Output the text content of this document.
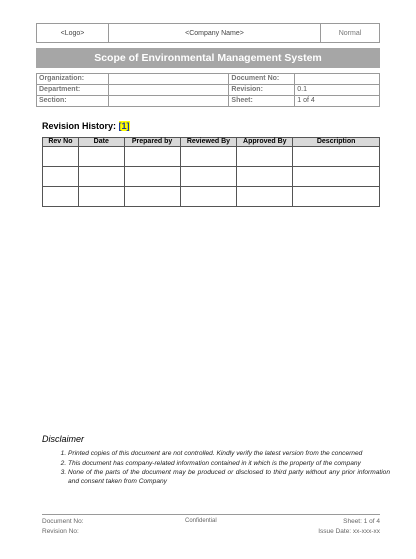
<Logo>	<Company Name>	Normal
Scope of Environmental Management System
Organization:		Document No:	
Department:		Revision:	0.1
Section:		Sheet:	1 of 4
Revision History: [1]
Rev No	Date	Prepared by	Reviewed By	Approved By	Description

Disclaimer
1. Printed copies of this document are not controlled. Kindly verify the latest version from the concerned
2. This document has company-related information contained in it which is the property of the company
3. None of the parts of the document may be produced or disclosed to third party without any prior information and consent taken from Company
Document No:
Revision No:
Confidential	Sheet: 1 of 4
Issue Date: xx-xxx-xx
